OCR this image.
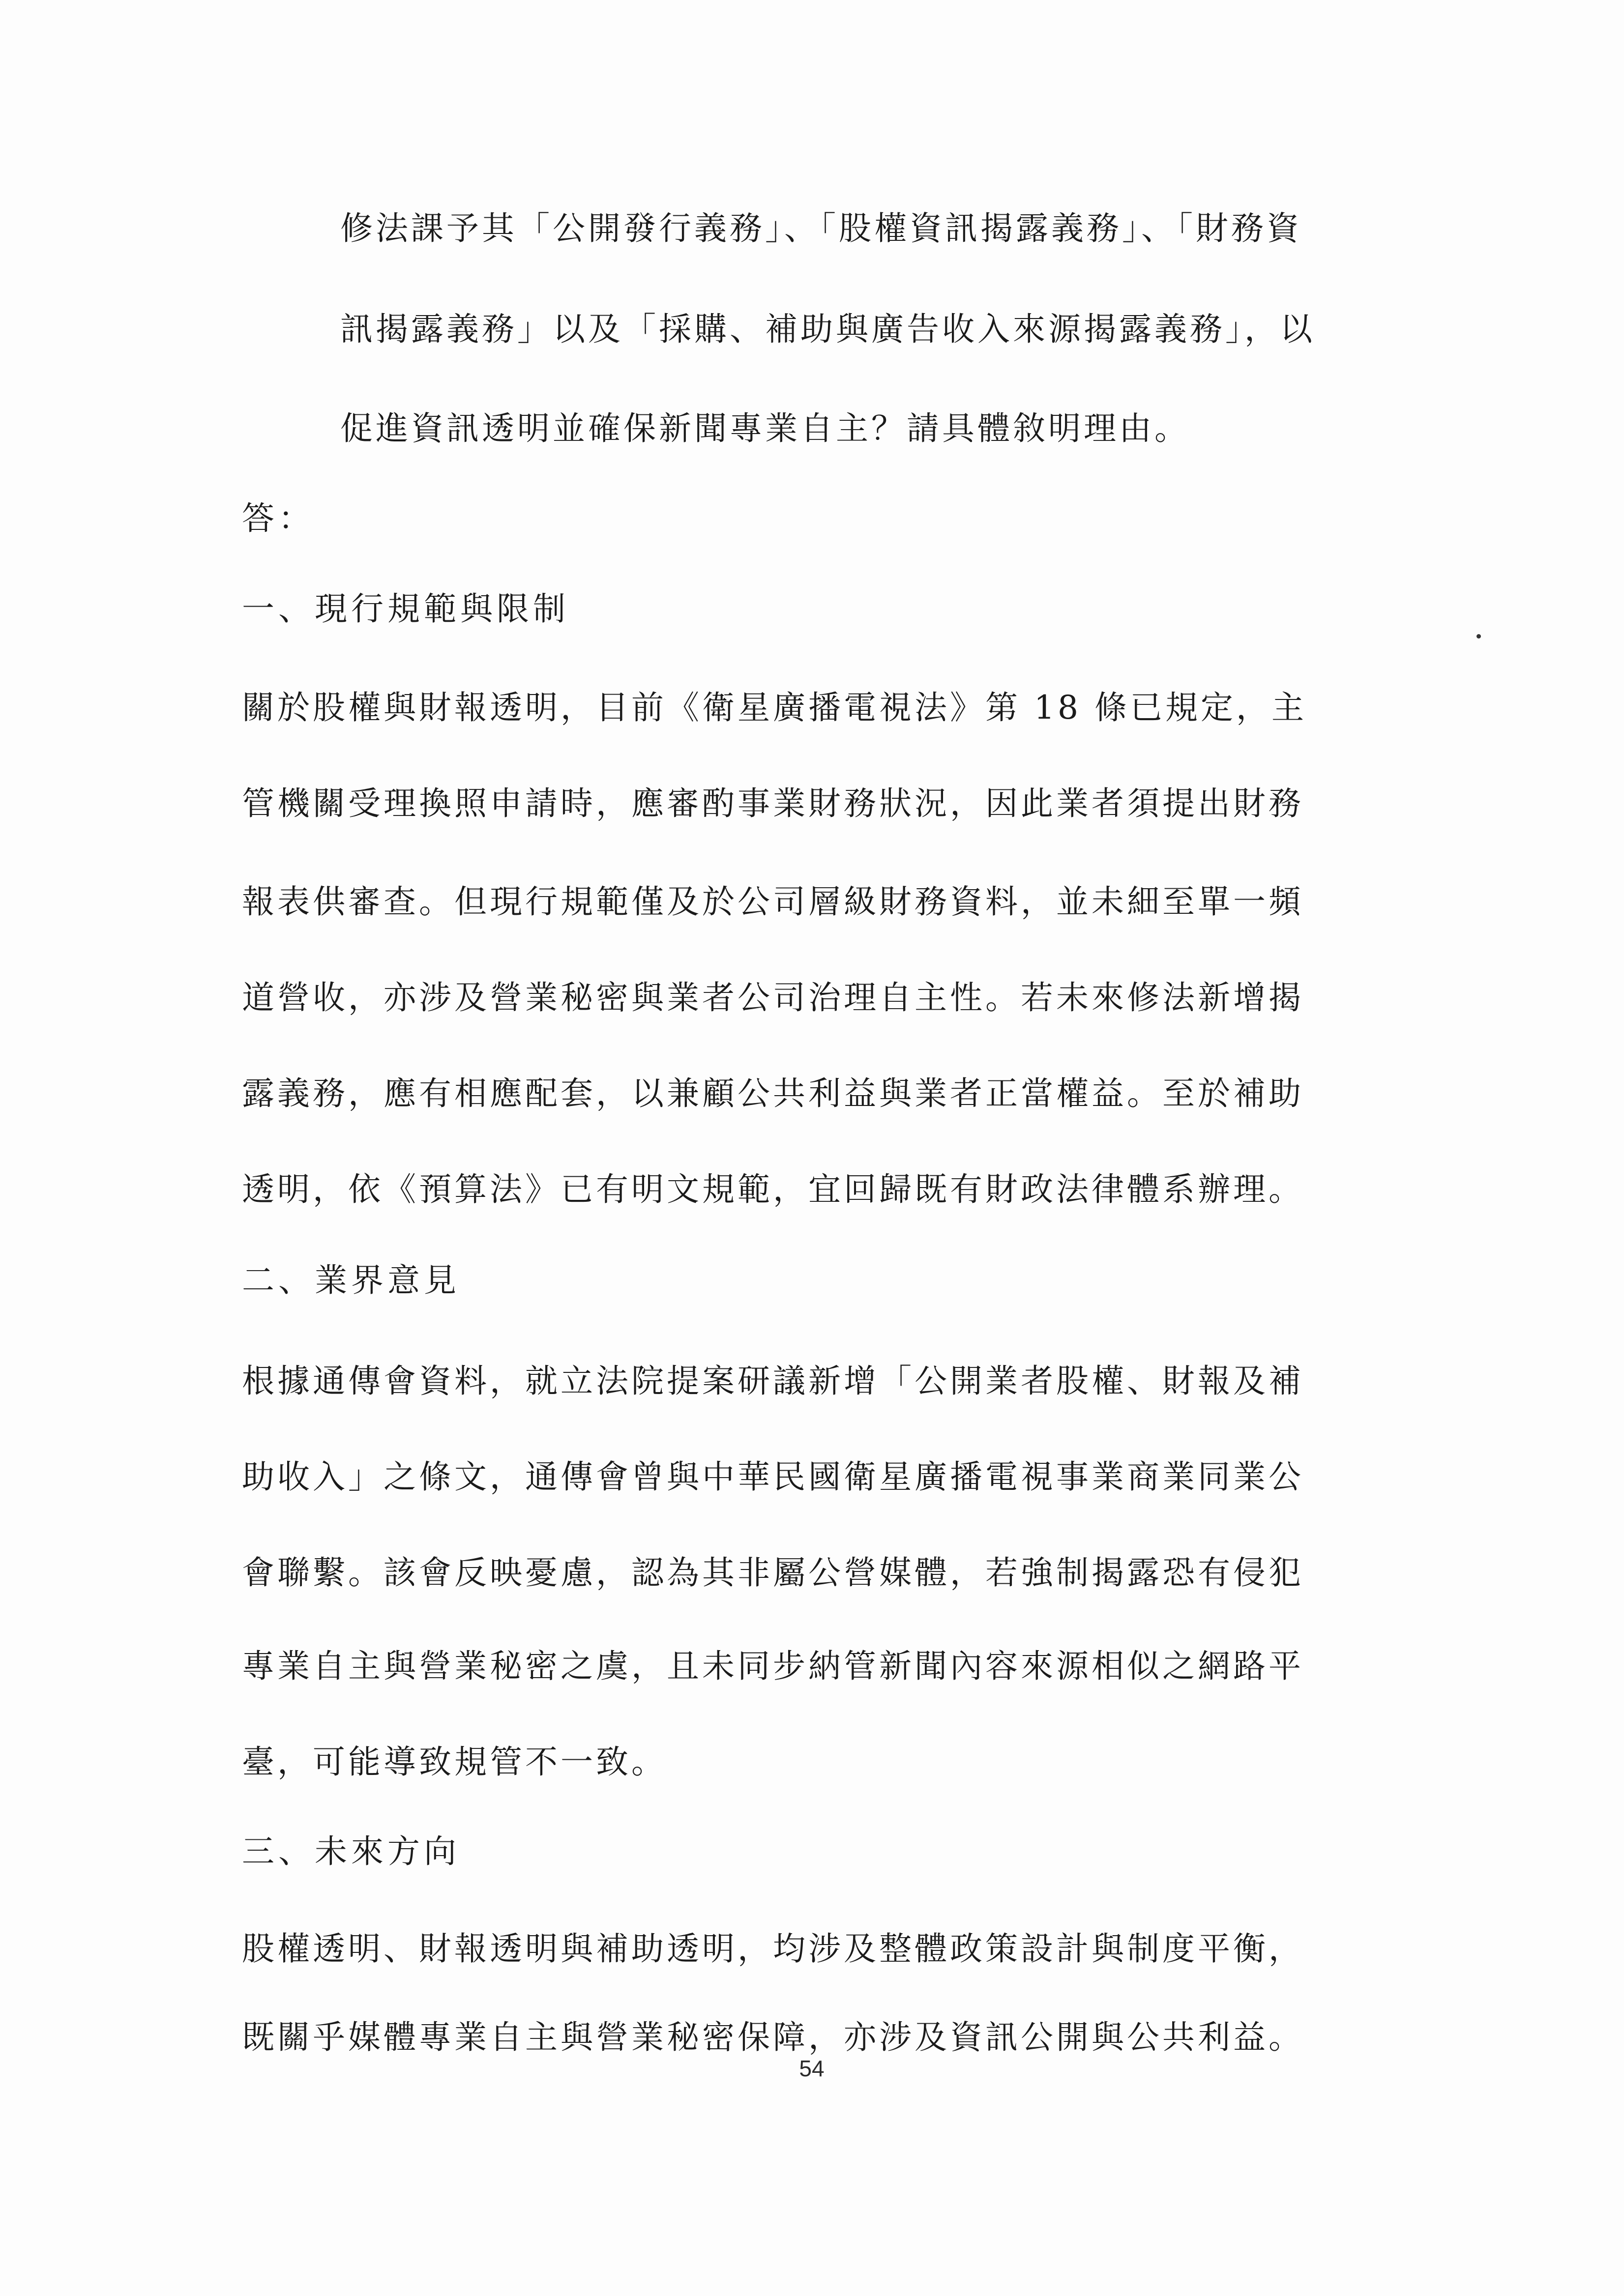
修法課予其「公開發行義務」、「股權資訊揭露義務」、「財務資
訊揭露義務」以及「採購、補助與廣告收入來源揭露義務」，以
促進資訊透明並確保新聞專業自主？請具體敘明理由。
答：
一、現行規範與限制
關於股權與財報透明，目前《衛星廣播電視法》第 18 條已規定，主
管機關受理換照申請時，應審酌事業財務狀況，因此業者須提出財務
報表供審查。但現行規範僅及於公司層級財務資料，並未細至單一頻
道營收，亦涉及營業秘密與業者公司治理自主性。若未來修法新增揭
露義務，應有相應配套，以兼顧公共利益與業者正當權益。至於補助
透明，依《預算法》已有明文規範，宜回歸既有財政法律體系辦理。
二、業界意見
根據通傳會資料，就立法院提案研議新增「公開業者股權、財報及補
助收入」之條文，通傳會曾與中華民國衛星廣播電視事業商業同業公
會聯繫。該會反映憂慮，認為其非屬公營媒體，若強制揭露恐有侵犯
專業自主與營業秘密之虞，且未同步納管新聞內容來源相似之網路平
臺，可能導致規管不一致。
三、未來方向
股權透明、財報透明與補助透明，均涉及整體政策設計與制度平衡，
既關乎媒體專業自主與營業秘密保障，亦涉及資訊公開與公共利益。
54
